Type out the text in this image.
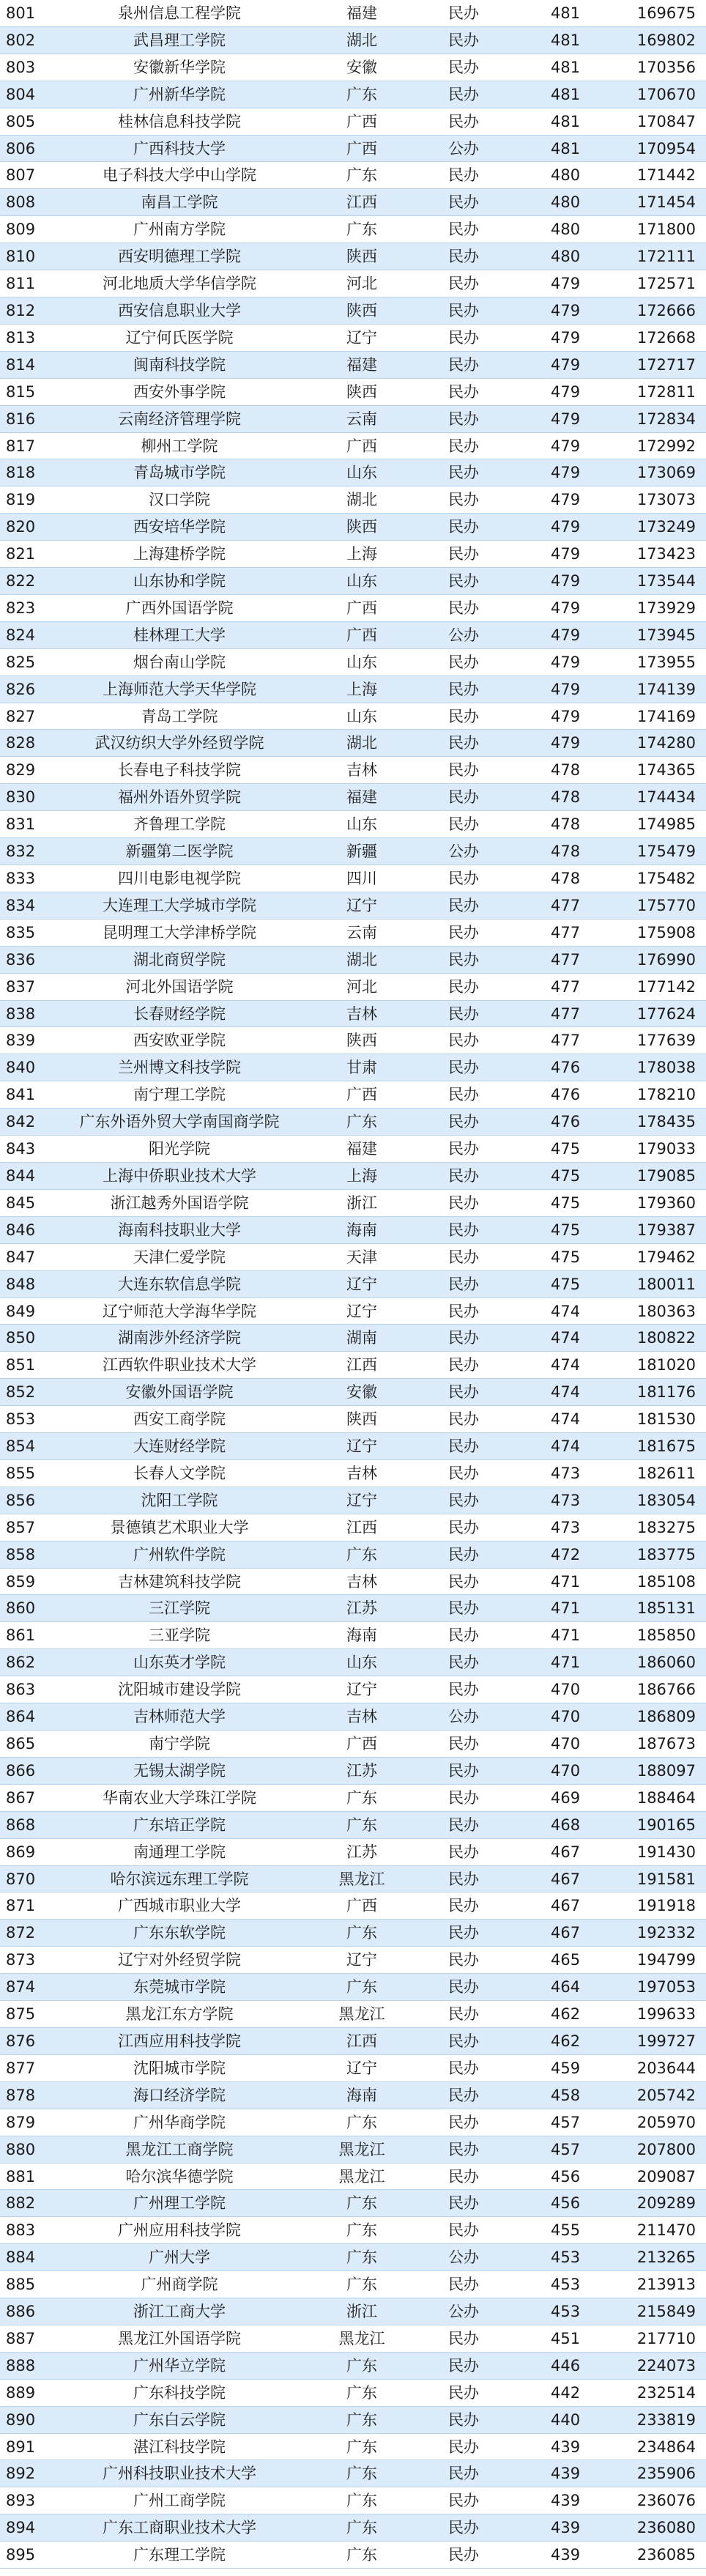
801	泉州信息工程学院	福建	民办	481	169675
802	武昌理工学院	湖北	民办	481	169802
803	安徽新华学院	安徽	民办	481	170356
804	广州新华学院	广东	民办	481	170670
805	桂林信息科技学院	广西	民办	481	170847
806	广西科技大学	广西	公办	481	170954
807	电子科技大学中山学院	广东	民办	480	171442
808	南昌工学院	江西	民办	480	171454
809	广州南方学院	广东	民办	480	171800
810	西安明德理工学院	陕西	民办	480	172111
811	河北地质大学华信学院	河北	民办	479	172571
812	西安信息职业大学	陕西	民办	479	172666
813	辽宁何氏医学院	辽宁	民办	479	172668
814	闽南科技学院	福建	民办	479	172717
815	西安外事学院	陕西	民办	479	172811
816	云南经济管理学院	云南	民办	479	172834
817	柳州工学院	广西	民办	479	172992
818	青岛城市学院	山东	民办	479	173069
819	汉口学院	湖北	民办	479	173073
820	西安培华学院	陕西	民办	479	173249
821	上海建桥学院	上海	民办	479	173423
822	山东协和学院	山东	民办	479	173544
823	广西外国语学院	广西	民办	479	173929
824	桂林理工大学	广西	公办	479	173945
825	烟台南山学院	山东	民办	479	173955
826	上海师范大学天华学院	上海	民办	479	174139
827	青岛工学院	山东	民办	479	174169
828	武汉纺织大学外经贸学院	湖北	民办	479	174280
829	长春电子科技学院	吉林	民办	478	174365
830	福州外语外贸学院	福建	民办	478	174434
831	齐鲁理工学院	山东	民办	478	174985
832	新疆第二医学院	新疆	公办	478	175479
833	四川电影电视学院	四川	民办	478	175482
834	大连理工大学城市学院	辽宁	民办	477	175770
835	昆明理工大学津桥学院	云南	民办	477	175908
836	湖北商贸学院	湖北	民办	477	176990
837	河北外国语学院	河北	民办	477	177142
838	长春财经学院	吉林	民办	477	177624
839	西安欧亚学院	陕西	民办	477	177639
840	兰州博文科技学院	甘肃	民办	476	178038
841	南宁理工学院	广西	民办	476	178210
842	广东外语外贸大学南国商学院	广东	民办	476	178435
843	阳光学院	福建	民办	475	179033
844	上海中侨职业技术大学	上海	民办	475	179085
845	浙江越秀外国语学院	浙江	民办	475	179360
846	海南科技职业大学	海南	民办	475	179387
847	天津仁爱学院	天津	民办	475	179462
848	大连东软信息学院	辽宁	民办	475	180011
849	辽宁师范大学海华学院	辽宁	民办	474	180363
850	湖南涉外经济学院	湖南	民办	474	180822
851	江西软件职业技术大学	江西	民办	474	181020
852	安徽外国语学院	安徽	民办	474	181176
853	西安工商学院	陕西	民办	474	181530
854	大连财经学院	辽宁	民办	474	181675
855	长春人文学院	吉林	民办	473	182611
856	沈阳工学院	辽宁	民办	473	183054
857	景德镇艺术职业大学	江西	民办	473	183275
858	广州软件学院	广东	民办	472	183775
859	吉林建筑科技学院	吉林	民办	471	185108
860	三江学院	江苏	民办	471	185131
861	三亚学院	海南	民办	471	185850
862	山东英才学院	山东	民办	471	186060
863	沈阳城市建设学院	辽宁	民办	470	186766
864	吉林师范大学	吉林	公办	470	186809
865	南宁学院	广西	民办	470	187673
866	无锡太湖学院	江苏	民办	470	188097
867	华南农业大学珠江学院	广东	民办	469	188464
868	广东培正学院	广东	民办	468	190165
869	南通理工学院	江苏	民办	467	191430
870	哈尔滨远东理工学院	黑龙江	民办	467	191581
871	广西城市职业大学	广西	民办	467	191918
872	广东东软学院	广东	民办	467	192332
873	辽宁对外经贸学院	辽宁	民办	465	194799
874	东莞城市学院	广东	民办	464	197053
875	黑龙江东方学院	黑龙江	民办	462	199633
876	江西应用科技学院	江西	民办	462	199727
877	沈阳城市学院	辽宁	民办	459	203644
878	海口经济学院	海南	民办	458	205742
879	广州华商学院	广东	民办	457	205970
880	黑龙江工商学院	黑龙江	民办	457	207800
881	哈尔滨华德学院	黑龙江	民办	456	209087
882	广州理工学院	广东	民办	456	209289
883	广州应用科技学院	广东	民办	455	211470
884	广州大学	广东	公办	453	213265
885	广州商学院	广东	民办	453	213913
886	浙江工商大学	浙江	公办	453	215849
887	黑龙江外国语学院	黑龙江	民办	451	217710
888	广州华立学院	广东	民办	446	224073
889	广东科技学院	广东	民办	442	232514
890	广东白云学院	广东	民办	440	233819
891	湛江科技学院	广东	民办	439	234864
892	广州科技职业技术大学	广东	民办	439	235906
893	广州工商学院	广东	民办	439	236076
894	广东工商职业技术大学	广东	民办	439	236080
895	广东理工学院	广东	民办	439	236085
